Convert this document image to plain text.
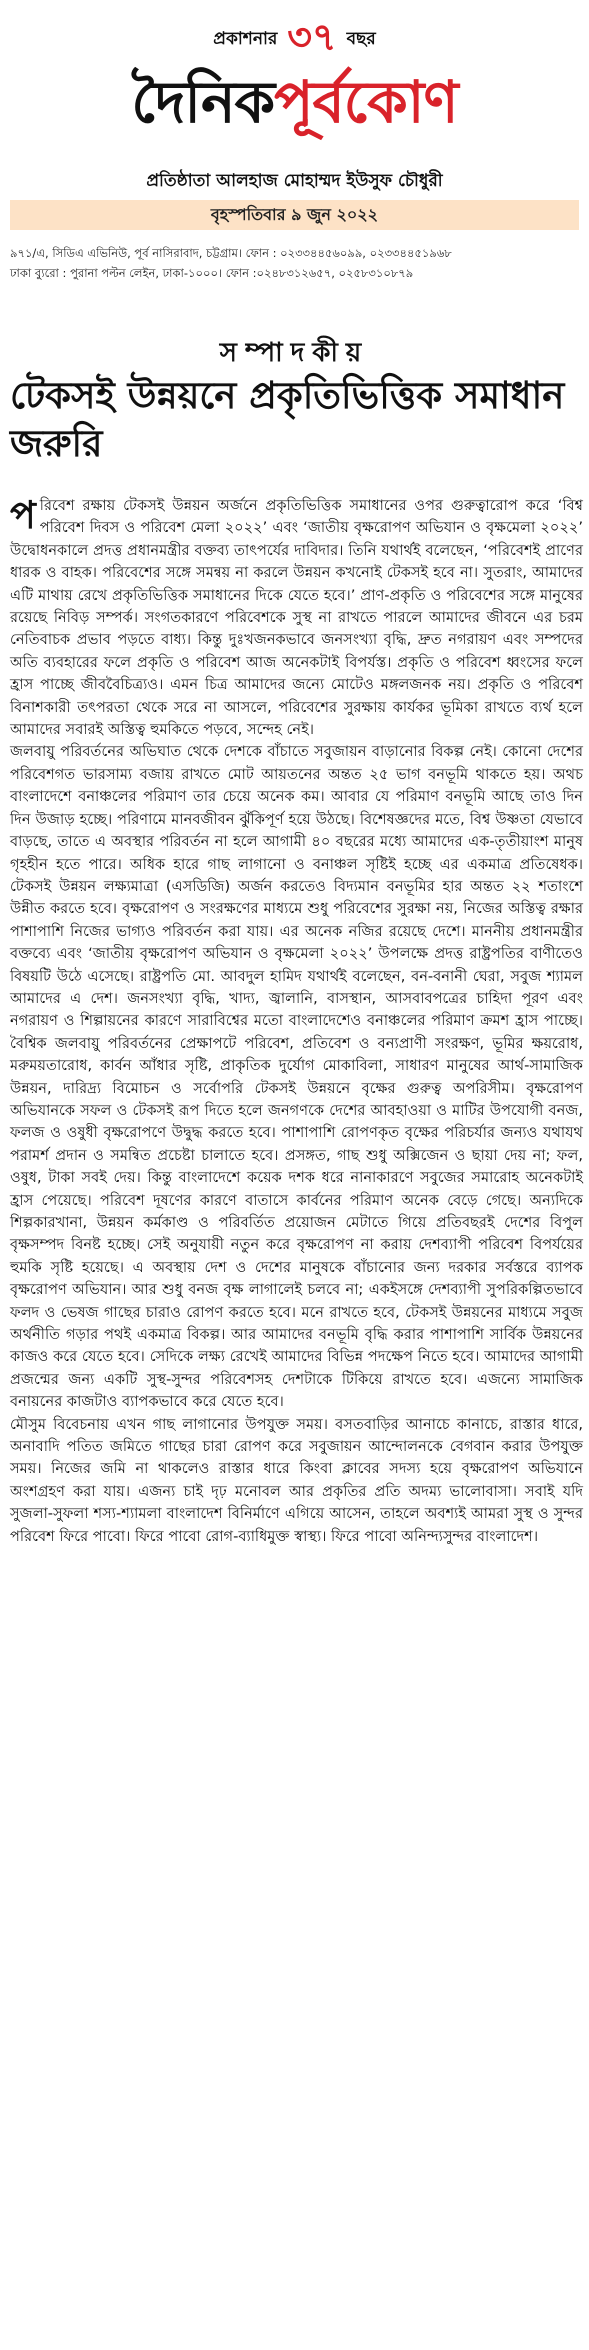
প্রকাশনার ৩৭ বছর
দৈনিকপূর্বকোণ
প্রতিষ্ঠাতা আলহাজ মোহাম্মদ ইউসুফ চৌধুরী
বৃহস্পতিবার ৯ জুন ২০২২
৯৭১/এ, সিডিএ এভিনিউ, পূর্ব নাসিরাবাদ, চট্টগ্রাম। ফোন : ০২৩৩৪৪৫৬০৯৯, ০২৩৩৪৪৫১৯৬৮
ঢাকা ব্যুরো : পুরানা পল্টন লেইন, ঢাকা-১০০০। ফোন :০২৪৮৩১২৬৫৭, ০২৫৮৩১০৮৭৯
সম্পাদকীয়
টেকসই উন্নয়নে প্রকৃতিভিত্তিক সমাধান জরুরি

পরিবেশ রক্ষায় টেকসই উন্নয়ন অর্জনে প্রকৃতিভিত্তিক সমাধানের ওপর গুরুত্বারোপ করে ‘বিশ্ব পরিবেশ দিবস ও পরিবেশ মেলা ২০২২’ এবং ‘জাতীয় বৃক্ষরোপণ অভিযান ও বৃক্ষমেলা ২০২২’ উদ্বোধনকালে প্রদত্ত প্রধানমন্ত্রীর বক্তব্য তাৎপর্যের দাবিদার। তিনি যথার্থই বলেছেন, ‘পরিবেশই প্রাণের ধারক ও বাহক। পরিবেশের সঙ্গে সমন্বয় না করলে উন্নয়ন কখনোই টেকসই হবে না। সুতরাং, আমাদের এটি মাথায় রেখে প্রকৃতিভিত্তিক সমাধানের দিকে যেতে হবে।’ প্রাণ-প্রকৃতি ও পরিবেশের সঙ্গে মানুষের রয়েছে নিবিড় সম্পর্ক। সংগতকারণে পরিবেশকে সুস্থ না রাখতে পারলে আমাদের জীবনে এর চরম নেতিবাচক প্রভাব পড়তে বাধ্য। কিন্তু দুঃখজনকভাবে জনসংখ্যা বৃদ্ধি, দ্রুত নগরায়ণ এবং সম্পদের অতি ব্যবহারের ফলে প্রকৃতি ও পরিবেশ আজ অনেকটাই বিপর্যস্ত। প্রকৃতি ও পরিবেশ ধ্বংসের ফলে হ্রাস পাচ্ছে জীববৈচিত্র্যও। এমন চিত্র আমাদের জন্যে মোটেও মঙ্গলজনক নয়। প্রকৃতি ও পরিবেশ বিনাশকারী তৎপরতা থেকে সরে না আসলে, পরিবেশের সুরক্ষায় কার্যকর ভূমিকা রাখতে ব্যর্থ হলে আমাদের সবারই অস্তিত্ব হুমকিতে পড়বে, সন্দেহ নেই।

জলবায়ু পরিবর্তনের অভিঘাত থেকে দেশকে বাঁচাতে সবুজায়ন বাড়ানোর বিকল্প নেই। কোনো দেশের পরিবেশগত ভারসাম্য বজায় রাখতে মোট আয়তনের অন্তত ২৫ ভাগ বনভূমি থাকতে হয়। অথচ বাংলাদেশে বনাঞ্চলের পরিমাণ তার চেয়ে অনেক কম। আবার যে পরিমাণ বনভূমি আছে তাও দিন দিন উজাড় হচ্ছে। পরিণামে মানবজীবন ঝুঁকিপূর্ণ হয়ে উঠছে। বিশেষজ্ঞদের মতে, বিশ্ব উষ্ণতা যেভাবে বাড়ছে, তাতে এ অবস্থার পরিবর্তন না হলে আগামী ৪০ বছরের মধ্যে আমাদের এক-তৃতীয়াংশ মানুষ গৃহহীন হতে পারে। অধিক হারে গাছ লাগানো ও বনাঞ্চল সৃষ্টিই হচ্ছে এর একমাত্র প্রতিষেধক। টেকসই উন্নয়ন লক্ষ্যমাত্রা (এসডিজি) অর্জন করতেও বিদ্যমান বনভূমির হার অন্তত ২২ শতাংশে উন্নীত করতে হবে। বৃক্ষরোপণ ও সংরক্ষণের মাধ্যমে শুধু পরিবেশের সুরক্ষা নয়, নিজের অস্তিত্ব রক্ষার পাশাপাশি নিজের ভাগ্যও পরিবর্তন করা যায়। এর অনেক নজির রয়েছে দেশে। মাননীয় প্রধানমন্ত্রীর বক্তব্যে এবং ‘জাতীয় বৃক্ষরোপণ অভিযান ও বৃক্ষমেলা ২০২২’ উপলক্ষে প্রদত্ত রাষ্ট্রপতির বাণীতেও বিষয়টি উঠে এসেছে। রাষ্ট্রপতি মো. আবদুল হামিদ যথার্থই বলেছেন, বন-বনানী ঘেরা, সবুজ শ্যামল আমাদের এ দেশ। জনসংখ্যা বৃদ্ধি, খাদ্য, জ্বালানি, বাসস্থান, আসবাবপত্রের চাহিদা পূরণ এবং নগরায়ণ ও শিল্পায়নের কারণে সারাবিশ্বের মতো বাংলাদেশেও বনাঞ্চলের পরিমাণ ক্রমশ হ্রাস পাচ্ছে। বৈশ্বিক জলবায়ু পরিবর্তনের প্রেক্ষাপটে পরিবেশ, প্রতিবেশ ও বন্যপ্রাণী সংরক্ষণ, ভূমির ক্ষয়রোধ, মরুময়তারোধ, কার্বন আঁধার সৃষ্টি, প্রাকৃতিক দুর্যোগ মোকাবিলা, সাধারণ মানুষের আর্থ-সামাজিক উন্নয়ন, দারিদ্র্য বিমোচন ও সর্বোপরি টেকসই উন্নয়নে বৃক্ষের গুরুত্ব অপরিসীম। বৃক্ষরোপণ অভিযানকে সফল ও টেকসই রূপ দিতে হলে জনগণকে দেশের আবহাওয়া ও মাটির উপযোগী বনজ, ফলজ ও ওষুধী বৃক্ষরোপণে উদ্বুদ্ধ করতে হবে। পাশাপাশি রোপণকৃত বৃক্ষের পরিচর্যার জন্যও যথাযথ পরামর্শ প্রদান ও সমন্বিত প্রচেষ্টা চালাতে হবে। প্রসঙ্গত, গাছ শুধু অক্সিজেন ও ছায়া দেয় না; ফল, ওষুধ, টাকা সবই দেয়। কিন্তু বাংলাদেশে কয়েক দশক ধরে নানাকারণে সবুজের সমারোহ অনেকটাই হ্রাস পেয়েছে। পরিবেশ দূষণের কারণে বাতাসে কার্বনের পরিমাণ অনেক বেড়ে গেছে। অন্যদিকে শিল্পকারখানা, উন্নয়ন কর্মকাণ্ড ও পরিবর্তিত প্রয়োজন মেটাতে গিয়ে প্রতিবছরই দেশের বিপুল বৃক্ষসম্পদ বিনষ্ট হচ্ছে। সেই অনুযায়ী নতুন করে বৃক্ষরোপণ না করায় দেশব্যাপী পরিবেশ বিপর্যয়ের হুমকি সৃষ্টি হয়েছে। এ অবস্থায় দেশ ও দেশের মানুষকে বাঁচানোর জন্য দরকার সর্বস্তরে ব্যাপক বৃক্ষরোপণ অভিযান। আর শুধু বনজ বৃক্ষ লাগালেই চলবে না; একইসঙ্গে দেশব্যাপী সুপরিকল্পিতভাবে ফলদ ও ভেষজ গাছের চারাও রোপণ করতে হবে। মনে রাখতে হবে, টেকসই উন্নয়নের মাধ্যমে সবুজ অর্থনীতি গড়ার পথই একমাত্র বিকল্প। আর আমাদের বনভূমি বৃদ্ধি করার পাশাপাশি সার্বিক উন্নয়নের কাজও করে যেতে হবে। সেদিকে লক্ষ্য রেখেই আমাদের বিভিন্ন পদক্ষেপ নিতে হবে। আমাদের আগামী প্রজন্মের জন্য একটি সুস্থ-সুন্দর পরিবেশসহ দেশটাকে টিকিয়ে রাখতে হবে। এজন্যে সামাজিক বনায়নের কাজটাও ব্যাপকভাবে করে যেতে হবে।

মৌসুম বিবেচনায় এখন গাছ লাগানোর উপযুক্ত সময়। বসতবাড়ির আনাচে কানাচে, রাস্তার ধারে, অনাবাদি পতিত জমিতে গাছের চারা রোপণ করে সবুজায়ন আন্দোলনকে বেগবান করার উপযুক্ত সময়। নিজের জমি না থাকলেও রাস্তার ধারে কিংবা ক্লাবের সদস্য হয়ে বৃক্ষরোপণ অভিযানে অংশগ্রহণ করা যায়। এজন্য চাই দৃঢ় মনোবল আর প্রকৃতির প্রতি অদম্য ভালোবাসা। সবাই যদি সুজলা-সুফলা শস্য-শ্যামলা বাংলাদেশ বিনির্মাণে এগিয়ে আসেন, তাহলে অবশ্যই আমরা সুস্থ ও সুন্দর পরিবেশ ফিরে পাবো। ফিরে পাবো রোগ-ব্যাধিমুক্ত স্বাস্থ্য। ফিরে পাবো অনিন্দ্যসুন্দর বাংলাদেশ।
